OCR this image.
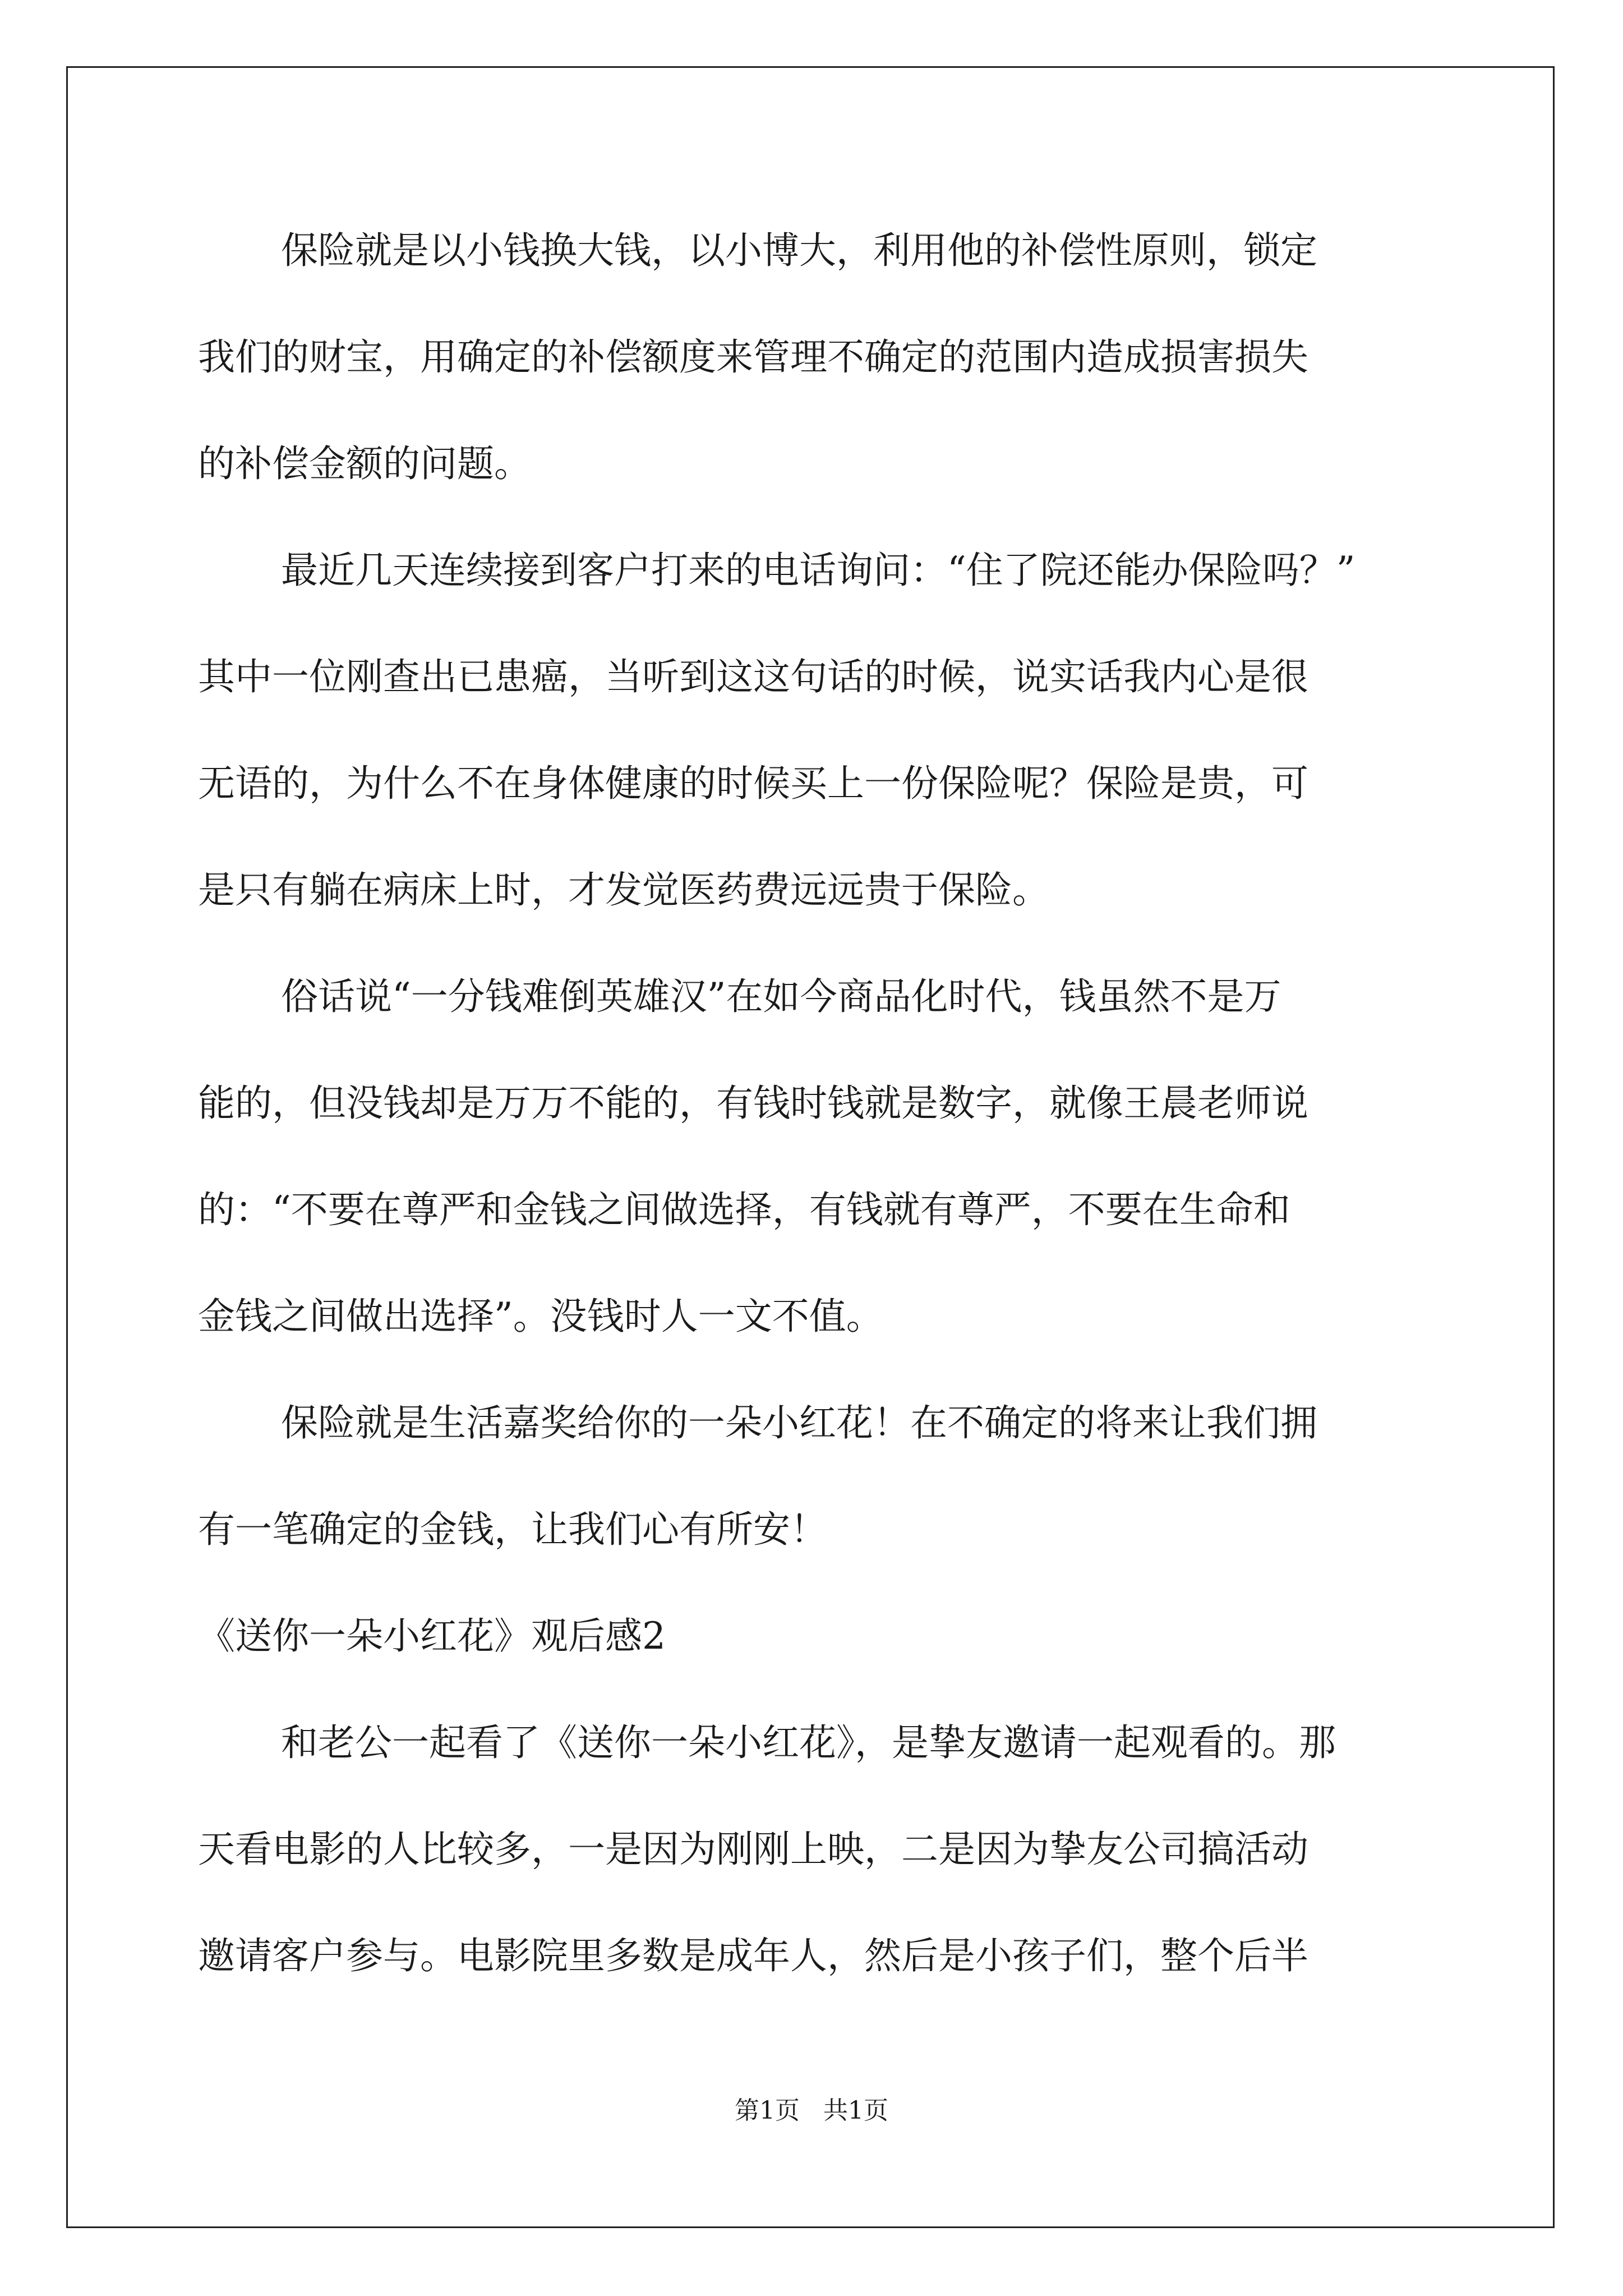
保险就是以小钱换大钱，以小博大，利用他的补偿性原则，锁定
我们的财宝，用确定的补偿额度来管理不确定的范围内造成损害损失
的补偿金额的问题。
最近几天连续接到客户打来的电话询问：“住了院还能办保险吗？”
其中一位刚查出已患癌，当听到这这句话的时候，说实话我内心是很
无语的，为什么不在身体健康的时候买上一份保险呢？保险是贵，可
是只有躺在病床上时，才发觉医药费远远贵于保险。
俗话说“一分钱难倒英雄汉”在如今商品化时代，钱虽然不是万
能的，但没钱却是万万不能的，有钱时钱就是数字，就像王晨老师说
的：“不要在尊严和金钱之间做选择，有钱就有尊严，不要在生命和
金钱之间做出选择”。没钱时人一文不值。
保险就是生活嘉奖给你的一朵小红花！在不确定的将来让我们拥
有一笔确定的金钱，让我们心有所安！
《送你一朵小红花》观后感2
和老公一起看了《送你一朵小红花》，是挚友邀请一起观看的。那
天看电影的人比较多，一是因为刚刚上映，二是因为挚友公司搞活动
邀请客户参与。电影院里多数是成年人，然后是小孩子们，整个后半
第1页   共1页
